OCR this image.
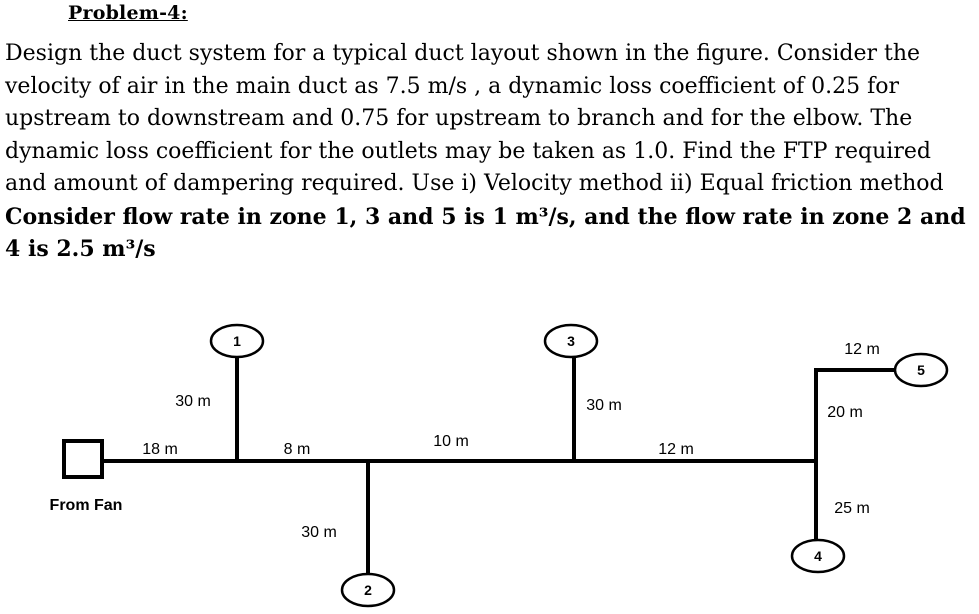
Problem-4:
Design the duct system for a typical duct layout shown in the figure. Consider the
velocity of air in the main duct as 7.5 m/s , a dynamic loss coefficient of 0.25 for
upstream to downstream and 0.75 for upstream to branch and for the elbow. The
dynamic loss coefficient for the outlets may be taken as 1.0. Find the FTP required
and amount of dampering required. Use i) Velocity method ii) Equal friction method
Consider flow rate in zone 1, 3 and 5 is 1 m³/s, and the flow rate in zone 2 and
4 is 2.5 m³/s
1
2
3
4
5
From Fan
18 m
30 m
8 m
30 m
10 m
30 m
12 m
20 m
12 m
25 m
